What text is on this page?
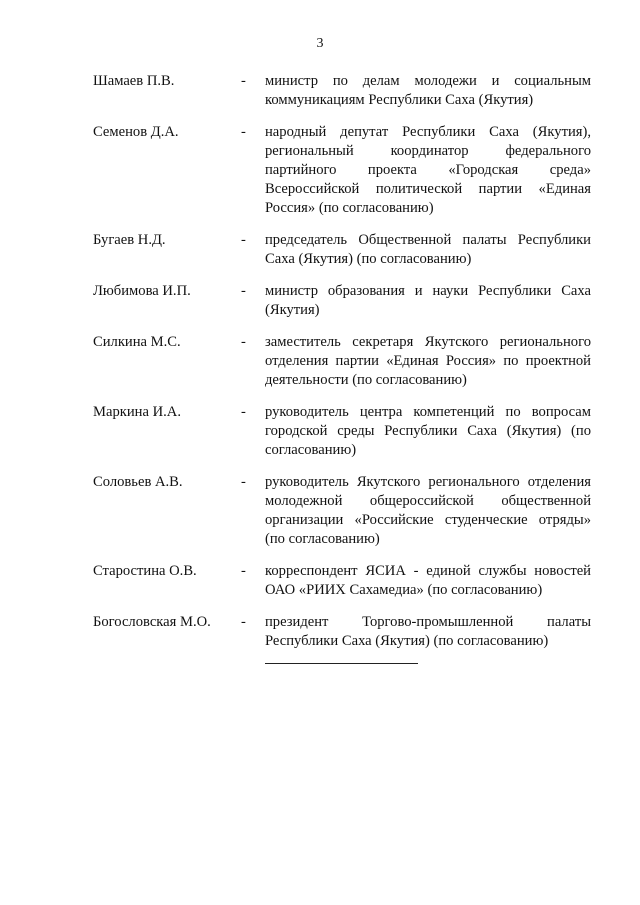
3
Шамаев П.В.	-	министр по делам молодежи и социальным коммуникациям Республики Саха (Якутия)
Семенов Д.А.	-	народный депутат Республики Саха (Якутия), региональный координатор федерального партийного проекта «Городская среда» Всероссийской политической партии «Единая Россия» (по согласованию)
Бугаев Н.Д.	-	председатель Общественной палаты Республики Саха (Якутия) (по согласованию)
Любимова И.П.	-	министр образования и науки Республики Саха (Якутия)
Силкина М.С.	-	заместитель секретаря Якутского регионального отделения партии «Единая Россия» по проектной деятельности (по согласованию)
Маркина И.А.	-	руководитель центра компетенций по вопросам городской среды Республики Саха (Якутия) (по согласованию)
Соловьев А.В.	-	руководитель Якутского регионального отделения молодежной общероссийской общественной организации «Российские студенческие отряды» (по согласованию)
Старостина О.В.	-	корреспондент ЯСИА - единой службы новостей ОАО «РИИХ Сахамедиа» (по согласованию)
Богословская М.О.	-	президент Торгово-промышленной палаты Республики Саха (Якутия) (по согласованию)
